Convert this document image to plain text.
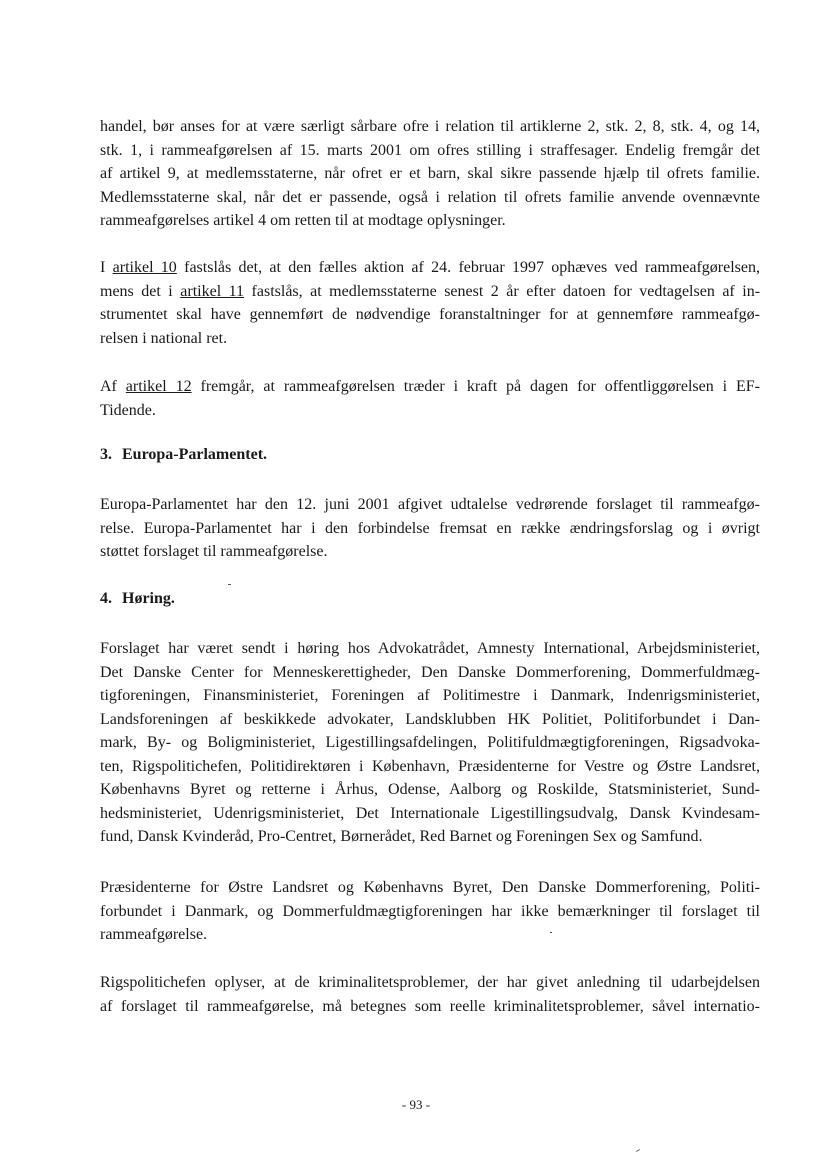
handel, bør anses for at være særligt sårbare ofre i relation til artiklerne 2, stk. 2, 8, stk. 4, og 14,
stk. 1, i rammeafgørelsen af 15. marts 2001 om ofres stilling i straffesager. Endelig fremgår det
af artikel 9, at medlemsstaterne, når ofret er et barn, skal sikre passende hjælp til ofrets familie.
Medlemsstaterne skal, når det er passende, også i relation til ofrets familie anvende ovennævnte
rammeafgørelses artikel 4 om retten til at modtage oplysninger.
I artikel 10 fastslås det, at den fælles aktion af 24. februar 1997 ophæves ved rammeafgørelsen,
mens det i artikel 11 fastslås, at medlemsstaterne senest 2 år efter datoen for vedtagelsen af in-
strumentet skal have gennemført de nødvendige foranstaltninger for at gennemføre rammeafgø-
relsen i national ret.
Af artikel 12 fremgår, at rammeafgørelsen træder i kraft på dagen for offentliggørelsen i EF-
Tidende.
3. Europa-Parlamentet.
Europa-Parlamentet har den 12. juni 2001 afgivet udtalelse vedrørende forslaget til rammeafgø-
relse. Europa-Parlamentet har i den forbindelse fremsat en række ændringsforslag og i øvrigt
støttet forslaget til rammeafgørelse.
4. Høring.
Forslaget har været sendt i høring hos Advokatrådet, Amnesty International, Arbejdsministeriet,
Det Danske Center for Menneskerettigheder, Den Danske Dommerforening, Dommerfuldmæg-
tigforeningen, Finansministeriet, Foreningen af Politimestre i Danmark, Indenrigsministeriet,
Landsforeningen af beskikkede advokater, Landsklubben HK Politiet, Politiforbundet i Dan-
mark, By- og Boligministeriet, Ligestillingsafdelingen, Politifuldmægtigforeningen, Rigsadvoka-
ten, Rigspolitichefen, Politidirektøren i København, Præsidenterne for Vestre og Østre Landsret,
Københavns Byret og retterne i Århus, Odense, Aalborg og Roskilde, Statsministeriet, Sund-
hedsministeriet, Udenrigsministeriet, Det Internationale Ligestillingsudvalg, Dansk Kvindesam-
fund, Dansk Kvinderåd, Pro-Centret, Børnerådet, Red Barnet og Foreningen Sex og Samfund.
Præsidenterne for Østre Landsret og Københavns Byret, Den Danske Dommerforening, Politi-
forbundet i Danmark, og Dommerfuldmægtigforeningen har ikke bemærkninger til forslaget til
rammeafgørelse.
Rigspolitichefen oplyser, at de kriminalitetsproblemer, der har givet anledning til udarbejdelsen
af forslaget til rammeafgørelse, må betegnes som reelle kriminalitetsproblemer, såvel internatio-
- 93 -
